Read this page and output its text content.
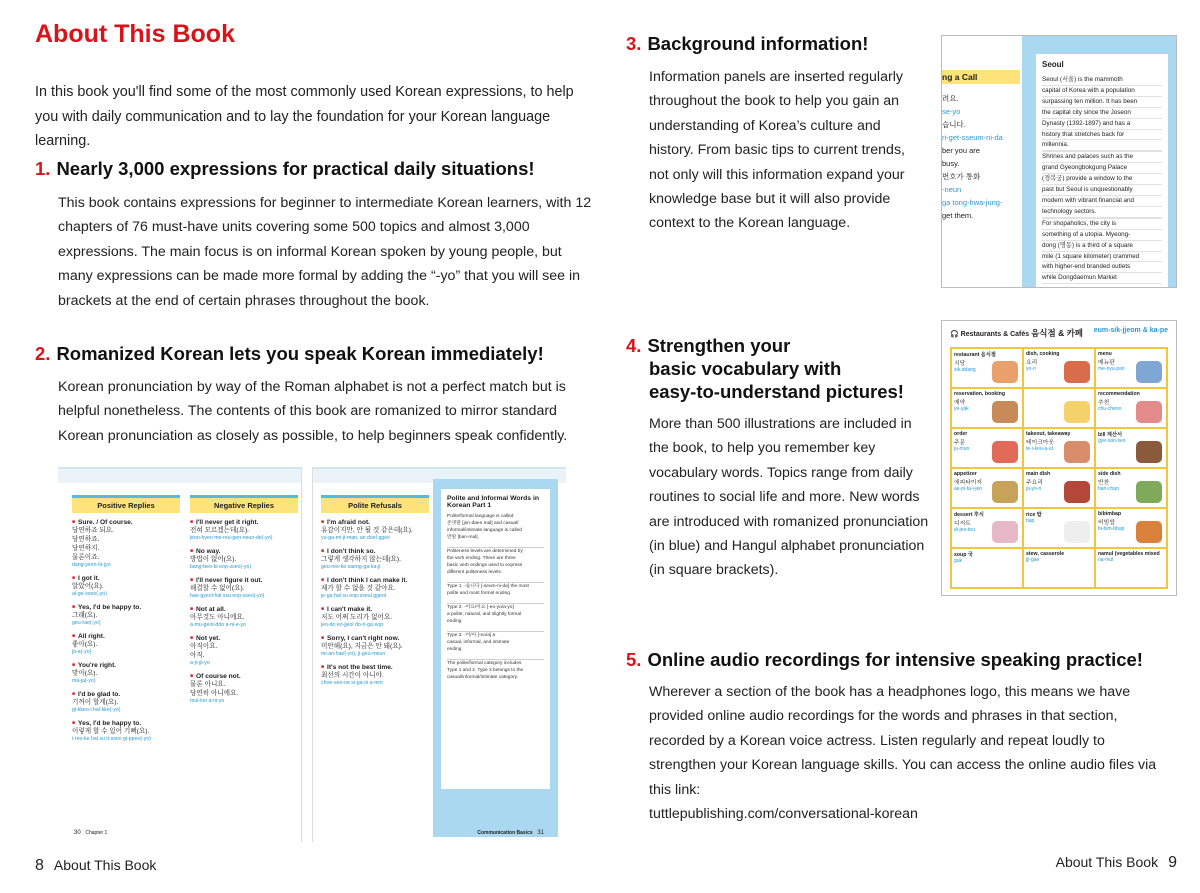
About This Book

In this book you'll find some of the most commonly used Korean expressions, to help you with daily communication and to lay the foundation for your Korean language learning.

1. Nearly 3,000 expressions for practical daily situations!

This book contains expressions for beginner to intermediate Korean learners, with 12 chapters of 76 must-have units covering some 500 topics and almost 3,000 expressions. The main focus is on informal Korean spoken by young people, but many expressions can be made more formal by adding the “-yo” that you will see in brackets at the end of certain phrases throughout the book.

2. Romanized Korean lets you speak Korean immediately!

Korean pronunciation by way of the Roman alphabet is not a perfect match but is helpful nonetheless. The contents of this book are romanized to mirror standard Korean pronunciation as closely as possible, to help beginners speak confidently.

Positive Replies
■ Sure. / Of course.
당연하죠 되요.
당연하죠.
당연하지.
물론이죠.
dang-yeon-hi-jyo
■ I got it.
알았어(요).
al-ge-sseo(-yo)
■ Yes, I'd be happy to.
그래(요).
geu-rae(-yo)
■ All right.
좋아(요).
jo-a(-yo)
■ You're right.
맞아(요).
ma-ja(-yo)
■ I'd be glad to.
기꺼이 할게(요).
gi-kkeo-i hal-kke(-yo)
■ Yes, I'd be happy to.
이렇게 할 수 있어 기뻐(요).
i-reo-ke hal su it-sseo gi-ppeo(-yo)
Negative Replies
■ I'll never get it right.
전혀 모르겠는데(요).
jeon-hyeo mo-reu-gen-neun-de(-yo)
■ No way.
방법이 없어(요).
bang-beo-bi eop-sseo(-yo)
■ I'll never figure it out.
해결할 수 없어(요).
hae-gyeol-hal ssu eop-sseo(-yo)
■ Not at all.
아무것도 아니에요.
a-mu-geot-ddo a-ni-e-yo
■ Not yet.
아직이요.
아직.
a-ji-gi-yo
■ Of course not.
물론 아니요.
당연히 아니에요.
mul-lon a-ni-yo
30 Chapter 1
Polite Refusals
■ I'm afraid not.
유감이지만, 안 될 것 같은데(요).
yu-ga-mi-ji-man, an doel ggeo
■ I don't think so.
그렇게 생각하지 않는데(요).
geu-reo-ke saeng-ga-ka-ji
■ I don't think I can make it.
제가 할 수 없을 것 같아요.
je-ga hal su eop-sseul ggeot
■ I can't make it.
저도 어쩌 도리가 없어요.
jeo-do eo-jjeol do-ri-ga eop
■ Sorry, I can't right now.
미안해(요), 지금은 안 돼(요).
mi-an-hae(-yo), ji-geu-meun
■ It's not the best time.
최선의 시간이 아니야.
choe-seo-ne si-ga-ni a-nim
Polite and Informal Words in Korean Part 1
Polite/formal language is called
존댓말 [jon-daen mal] and casual/
informal/intimate language is called
반말 [ban-mal].
Politeness levels are determined by
the verb ending. There are three
basic verb endings used to express
different politeness levels.
Type 1. -습니다 [-seum-ni-da] the most
polite and most formal ending
Type 2. -어요/아요 [-eo-yo/a-yo]
a polite, natural, and slightly formal
ending
Type 3. -어/아 [-eo/a] a
casual, informal, and intimate
ending
The polite/formal category includes
Type 1 and 2. Type 3 belongs to the
casual/informal/intimate category.
Communication Basics 31
3. Background information!

Information panels are inserted regularly throughout the book to help you gain an understanding of Korea’s culture and history. From basic tips to current trends, not only will this information expand your knowledge base but it will also provide context to the Korean language.

ng a Call
려요.
se-yo
습니다.
ri-get-sseum-ni-da
ber you are
busy.
번호가 통화
-neun
ga tong-hwa-jung-
get them.
Seoul
Seoul (서울) is the mammoth
capital of Korea with a population
surpassing ten million. It has been
the capital city since the Joseon
Dynasty (1392-1897) and has a
history that stretches back for
millennia.
Shrines and palaces such as the
grand Gyeongbokgung Palace
(경복궁) provide a window to the
past but Seoul is unquestionably
modern with vibrant financial and
technology sectors.
For shopaholics, the city is
something of a utopia. Myeong-
dong (명동) is a third of a square
mile (1 square kilometer) crammed
with higher-end branded outlets
while Dongdaemun Market
4. Strengthen your
basic vocabulary with
easy-to-understand pictures!

More than 500 illustrations are included in the book, to help you remember key vocabulary words. Topics range from daily routines to social life and more. New words are introduced with romanized pronunciation (in blue) and Hangul alphabet pronunciation (in square brackets).

🎧 Restaurants & Cafés 음식점 & 카페 eum-sik-jjeom & ka-pe
restaurant 음식점
식당
sik-ddang
dish, cooking
요리
yo-ri
menu
메뉴판
me-nyu-pan
reservation, booking
예약
ye-yak
recommendation
추천
chu-cheon
order
주문
ju-mun
takeout, takeaway
테이크아웃
te-i-keu-a-ut
bill 계산서
gye-san-seo
appetizer
에피타이저
ae-pi-ta-i-jeo
main dish
주요리
ju-yo-ri
side dish
반찬
ban-chan
dessert 후식
디저트
di-jeo-teu
rice 밥
bap
bibimbap
비빔밥
bi-bim-bbap
soup 국
guk
stew, casserole
jji-gae
namul (vegetables mixed
na-mul
5. Online audio recordings for intensive speaking practice!

Wherever a section of the book has a headphones logo, this means we have provided online audio recordings for the words and phrases in that section, recorded by a Korean voice actress. Listen regularly and repeat loudly to strengthen your Korean language skills. You can access the online audio files via this link:
tuttlepublishing.com/conversational-korean

8 About This Book	About This Book 9
